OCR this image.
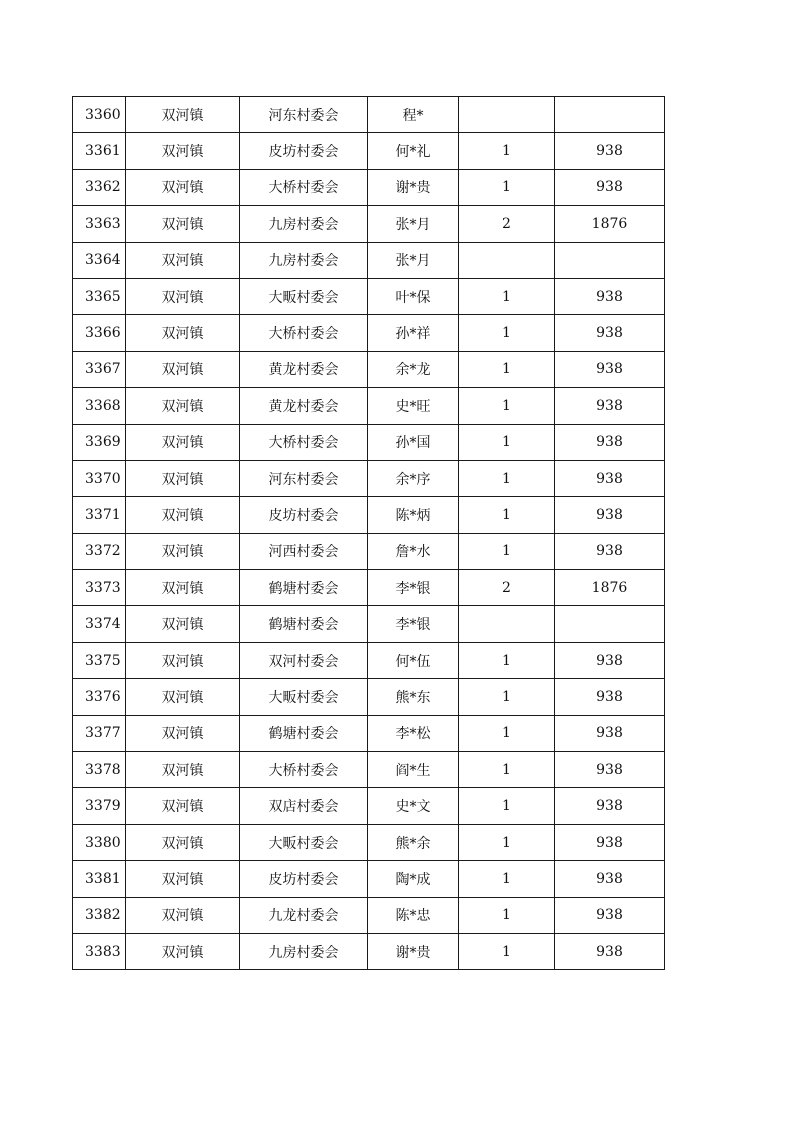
3360	双河镇	河东村委会	程*		
3361	双河镇	皮坊村委会	何*礼	1	938
3362	双河镇	大桥村委会	谢*贵	1	938
3363	双河镇	九房村委会	张*月	2	1876
3364	双河镇	九房村委会	张*月		
3365	双河镇	大畈村委会	叶*保	1	938
3366	双河镇	大桥村委会	孙*祥	1	938
3367	双河镇	黄龙村委会	余*龙	1	938
3368	双河镇	黄龙村委会	史*旺	1	938
3369	双河镇	大桥村委会	孙*国	1	938
3370	双河镇	河东村委会	余*序	1	938
3371	双河镇	皮坊村委会	陈*炳	1	938
3372	双河镇	河西村委会	詹*水	1	938
3373	双河镇	鹤塘村委会	李*银	2	1876
3374	双河镇	鹤塘村委会	李*银		
3375	双河镇	双河村委会	何*伍	1	938
3376	双河镇	大畈村委会	熊*东	1	938
3377	双河镇	鹤塘村委会	李*松	1	938
3378	双河镇	大桥村委会	阎*生	1	938
3379	双河镇	双店村委会	史*文	1	938
3380	双河镇	大畈村委会	熊*余	1	938
3381	双河镇	皮坊村委会	陶*成	1	938
3382	双河镇	九龙村委会	陈*忠	1	938
3383	双河镇	九房村委会	谢*贵	1	938
